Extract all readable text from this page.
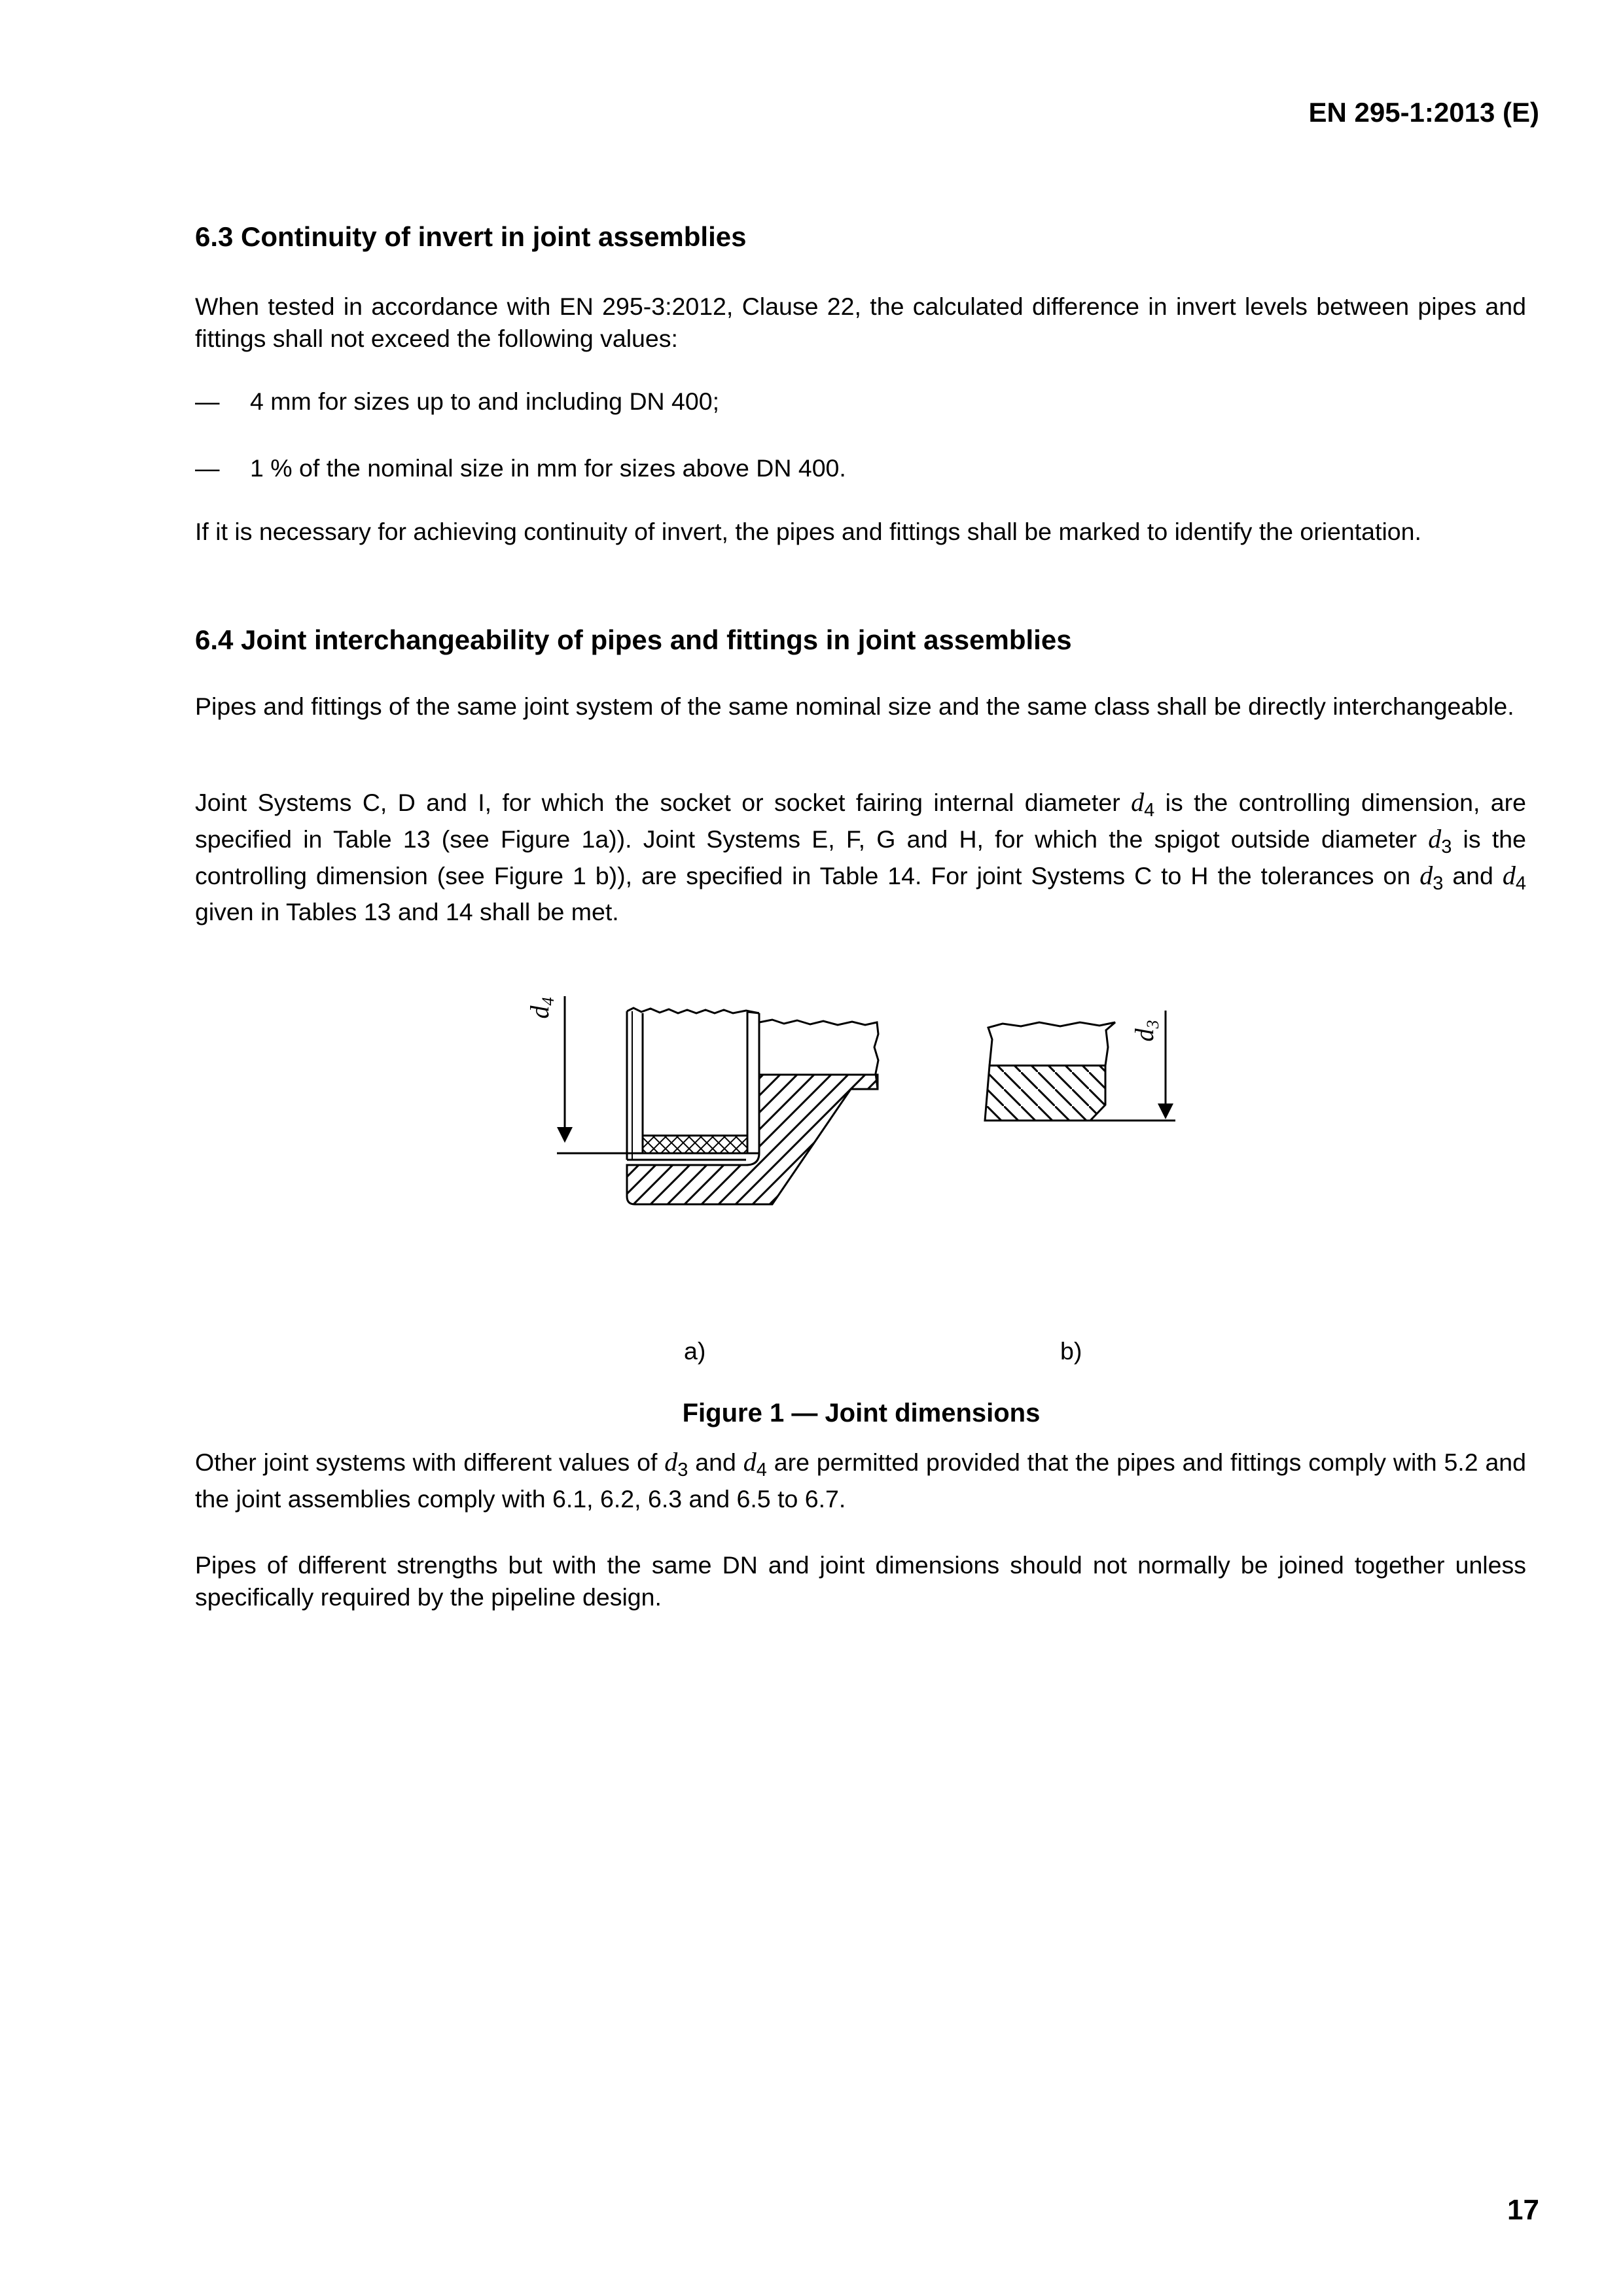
EN 295-1:2013 (E)
6.3 Continuity of invert in joint assemblies
When tested in accordance with EN 295-3:2012, Clause 22, the calculated difference in invert levels between pipes and fittings shall not exceed the following values:
— 4 mm for sizes up to and including DN 400;
— 1 % of the nominal size in mm for sizes above DN 400.
If it is necessary for achieving continuity of invert, the pipes and fittings shall be marked to identify the orientation.
6.4 Joint interchangeability of pipes and fittings in joint assemblies
Pipes and fittings of the same joint system of the same nominal size and the same class shall be directly interchangeable.
Joint Systems C, D and I, for which the socket or socket fairing internal diameter $d_4$ is the controlling dimension, are specified in Table 13 (see Figure 1a)). Joint Systems E, F, G and H, for which the spigot outside diameter $d_3$ is the controlling dimension (see Figure 1 b)), are specified in Table 14. For joint Systems C to H the tolerances on $d_3$ and $d_4$ given in Tables 13 and 14 shall be met.
$d_4$
$d_3$
a)	b)
Figure 1 — Joint dimensions
Other joint systems with different values of $d_3$ and $d_4$ are permitted provided that the pipes and fittings comply with 5.2 and the joint assemblies comply with 6.1, 6.2, 6.3 and 6.5 to 6.7.
Pipes of different strengths but with the same DN and joint dimensions should not normally be joined together unless specifically required by the pipeline design.
17
